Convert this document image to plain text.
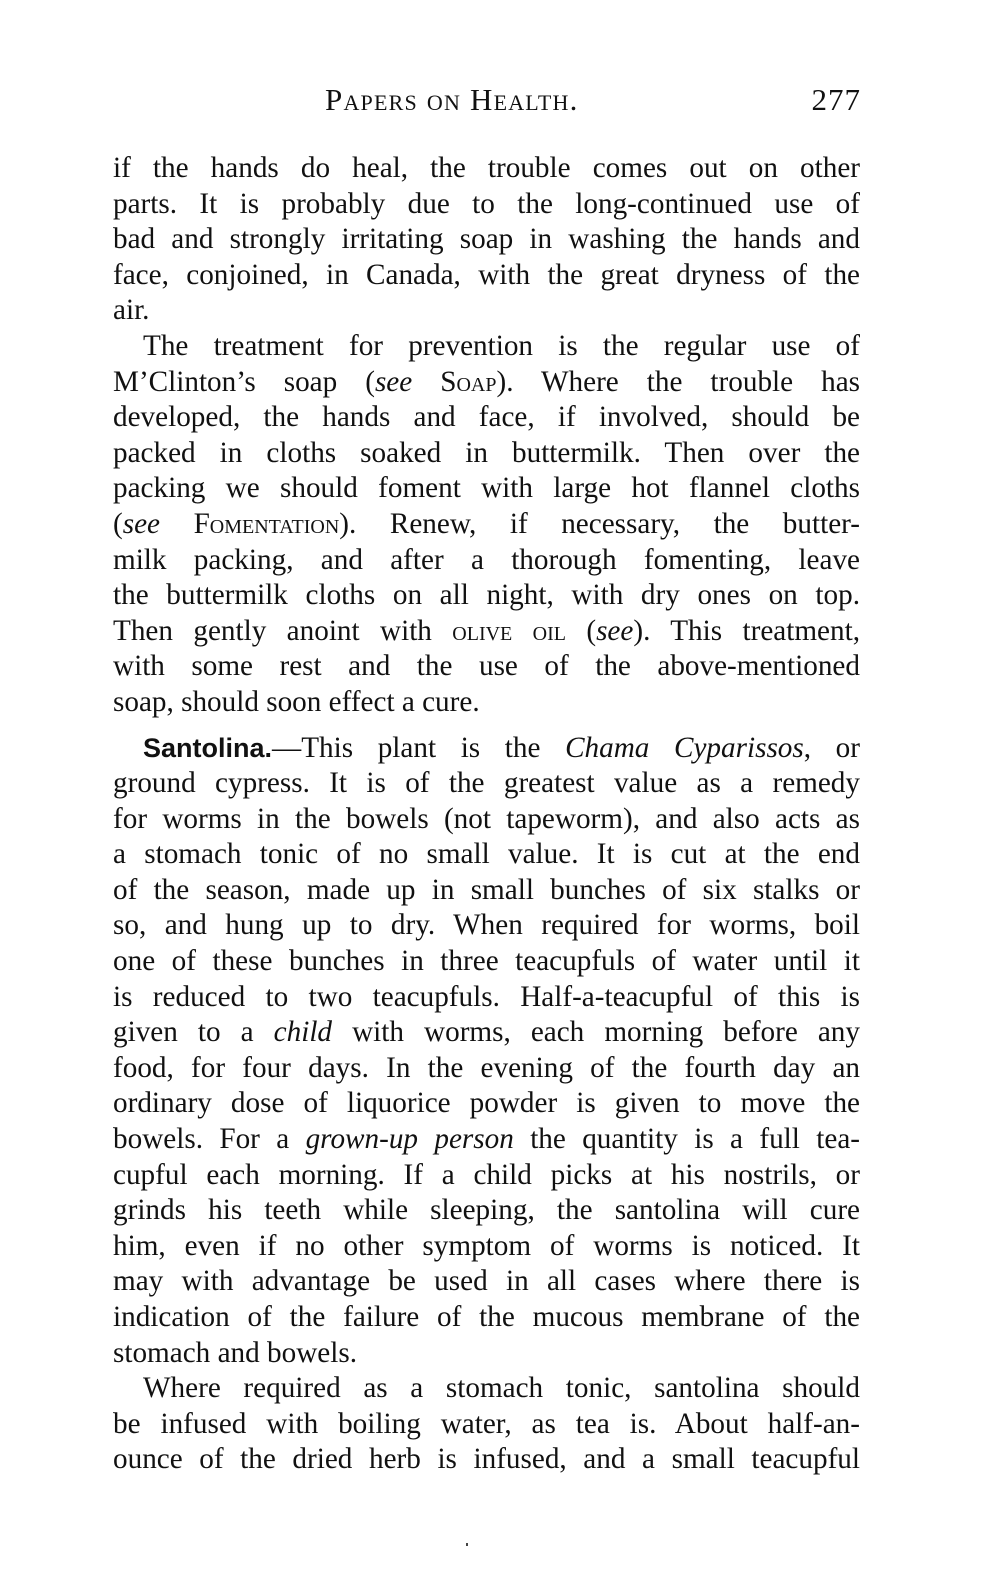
Papers on Health.	277
if the hands do heal, the trouble comes out on other
parts. It is probably due to the long-continued use of
bad and strongly irritating soap in washing the hands and
face, conjoined, in Canada, with the great dryness of the
air.
The treatment for prevention is the regular use of
M’Clinton’s soap (see Soap). Where the trouble has
developed, the hands and face, if involved, should be
packed in cloths soaked in buttermilk. Then over the
packing we should foment with large hot flannel cloths
(see Fomentation). Renew, if necessary, the butter-
milk packing, and after a thorough fomenting, leave
the buttermilk cloths on all night, with dry ones on top.
Then gently anoint with olive oil (see). This treatment,
with some rest and the use of the above-mentioned
soap, should soon effect a cure.
Santolina.—This plant is the Chama Cyparissos, or
ground cypress. It is of the greatest value as a remedy
for worms in the bowels (not tapeworm), and also acts as
a stomach tonic of no small value. It is cut at the end
of the season, made up in small bunches of six stalks or
so, and hung up to dry. When required for worms, boil
one of these bunches in three teacupfuls of water until it
is reduced to two teacupfuls. Half-a-teacupful of this is
given to a child with worms, each morning before any
food, for four days. In the evening of the fourth day an
ordinary dose of liquorice powder is given to move the
bowels. For a grown-up person the quantity is a full tea-
cupful each morning. If a child picks at his nostrils, or
grinds his teeth while sleeping, the santolina will cure
him, even if no other symptom of worms is noticed. It
may with advantage be used in all cases where there is
indication of the failure of the mucous membrane of the
stomach and bowels.
Where required as a stomach tonic, santolina should
be infused with boiling water, as tea is. About half-an-
ounce of the dried herb is infused, and a small teacupful
